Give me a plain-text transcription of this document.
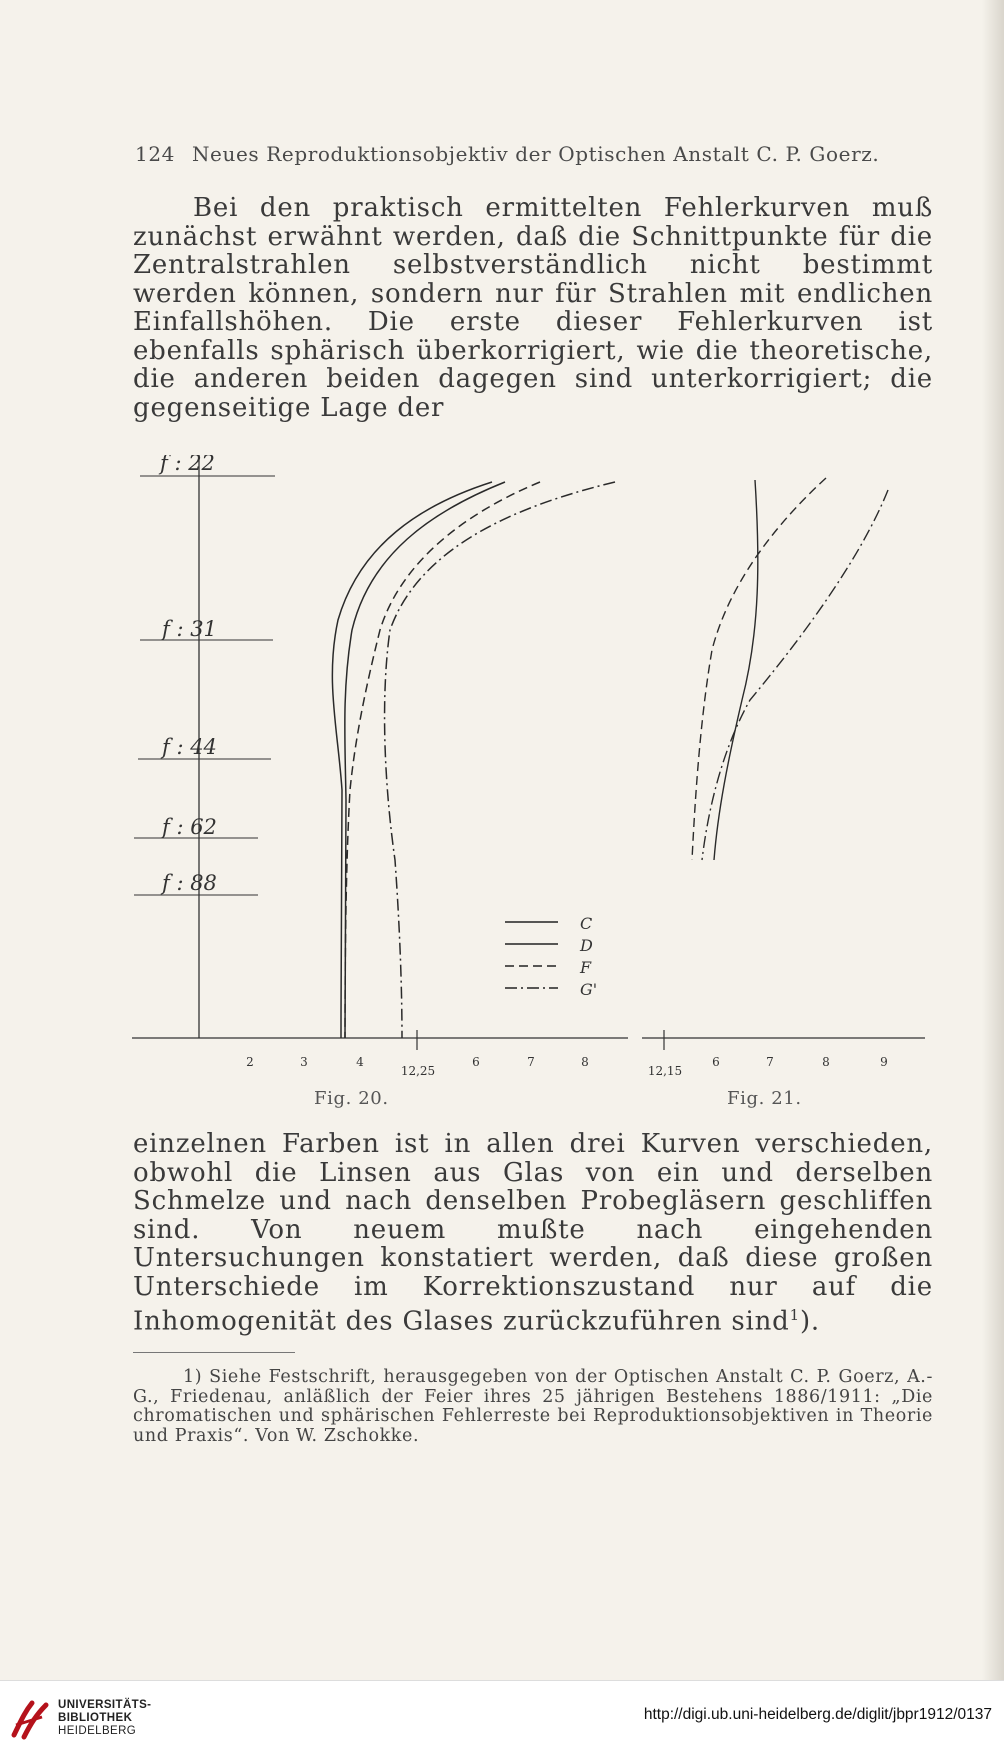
124 Neues Reproduktionsobjektiv der Optischen Anstalt C. P. Goerz.
Bei den praktisch ermittelten Fehlerkurven muß zunächst erwähnt werden, daß die Schnittpunkte für die Zentralstrahlen selbstverständlich nicht bestimmt werden können, sondern nur für Strahlen mit endlichen Einfallshöhen. Die erste dieser Fehlerkurven ist ebenfalls sphärisch überkorrigiert, wie die theoretische, die anderen beiden dagegen sind unterkorrigiert; die gegenseitige Lage der
f : 22
f : 31
f : 44
f : 62
f : 88
C
D
F
G'
2	3	4
12,25
6	7	8
12,15
6	7	8	9
Fig. 20.	Fig. 21.
einzelnen Farben ist in allen drei Kurven verschieden, obwohl die Linsen aus Glas von ein und derselben Schmelze und nach denselben Probegläsern geschliffen sind. Von neuem mußte nach eingehenden Untersuchungen konstatiert werden, daß diese großen Unterschiede im Korrektionszustand nur auf die Inhomogenität des Glases zurückzuführen sind$^1$).
1) Siehe Festschrift, herausgegeben von der Optischen Anstalt C. P. Goerz, A.-G., Friedenau, anläßlich der Feier ihres 25 jährigen Bestehens 1886/1911: „Die chromatischen und sphärischen Fehlerreste bei Reproduktionsobjektiven in Theorie und Praxis“. Von W. Zschokke.
UNIVERSITÄTS-
BIBLIOTHEK
HEIDELBERG
http://digi.ub.uni-heidelberg.de/diglit/jbpr1912/0137
